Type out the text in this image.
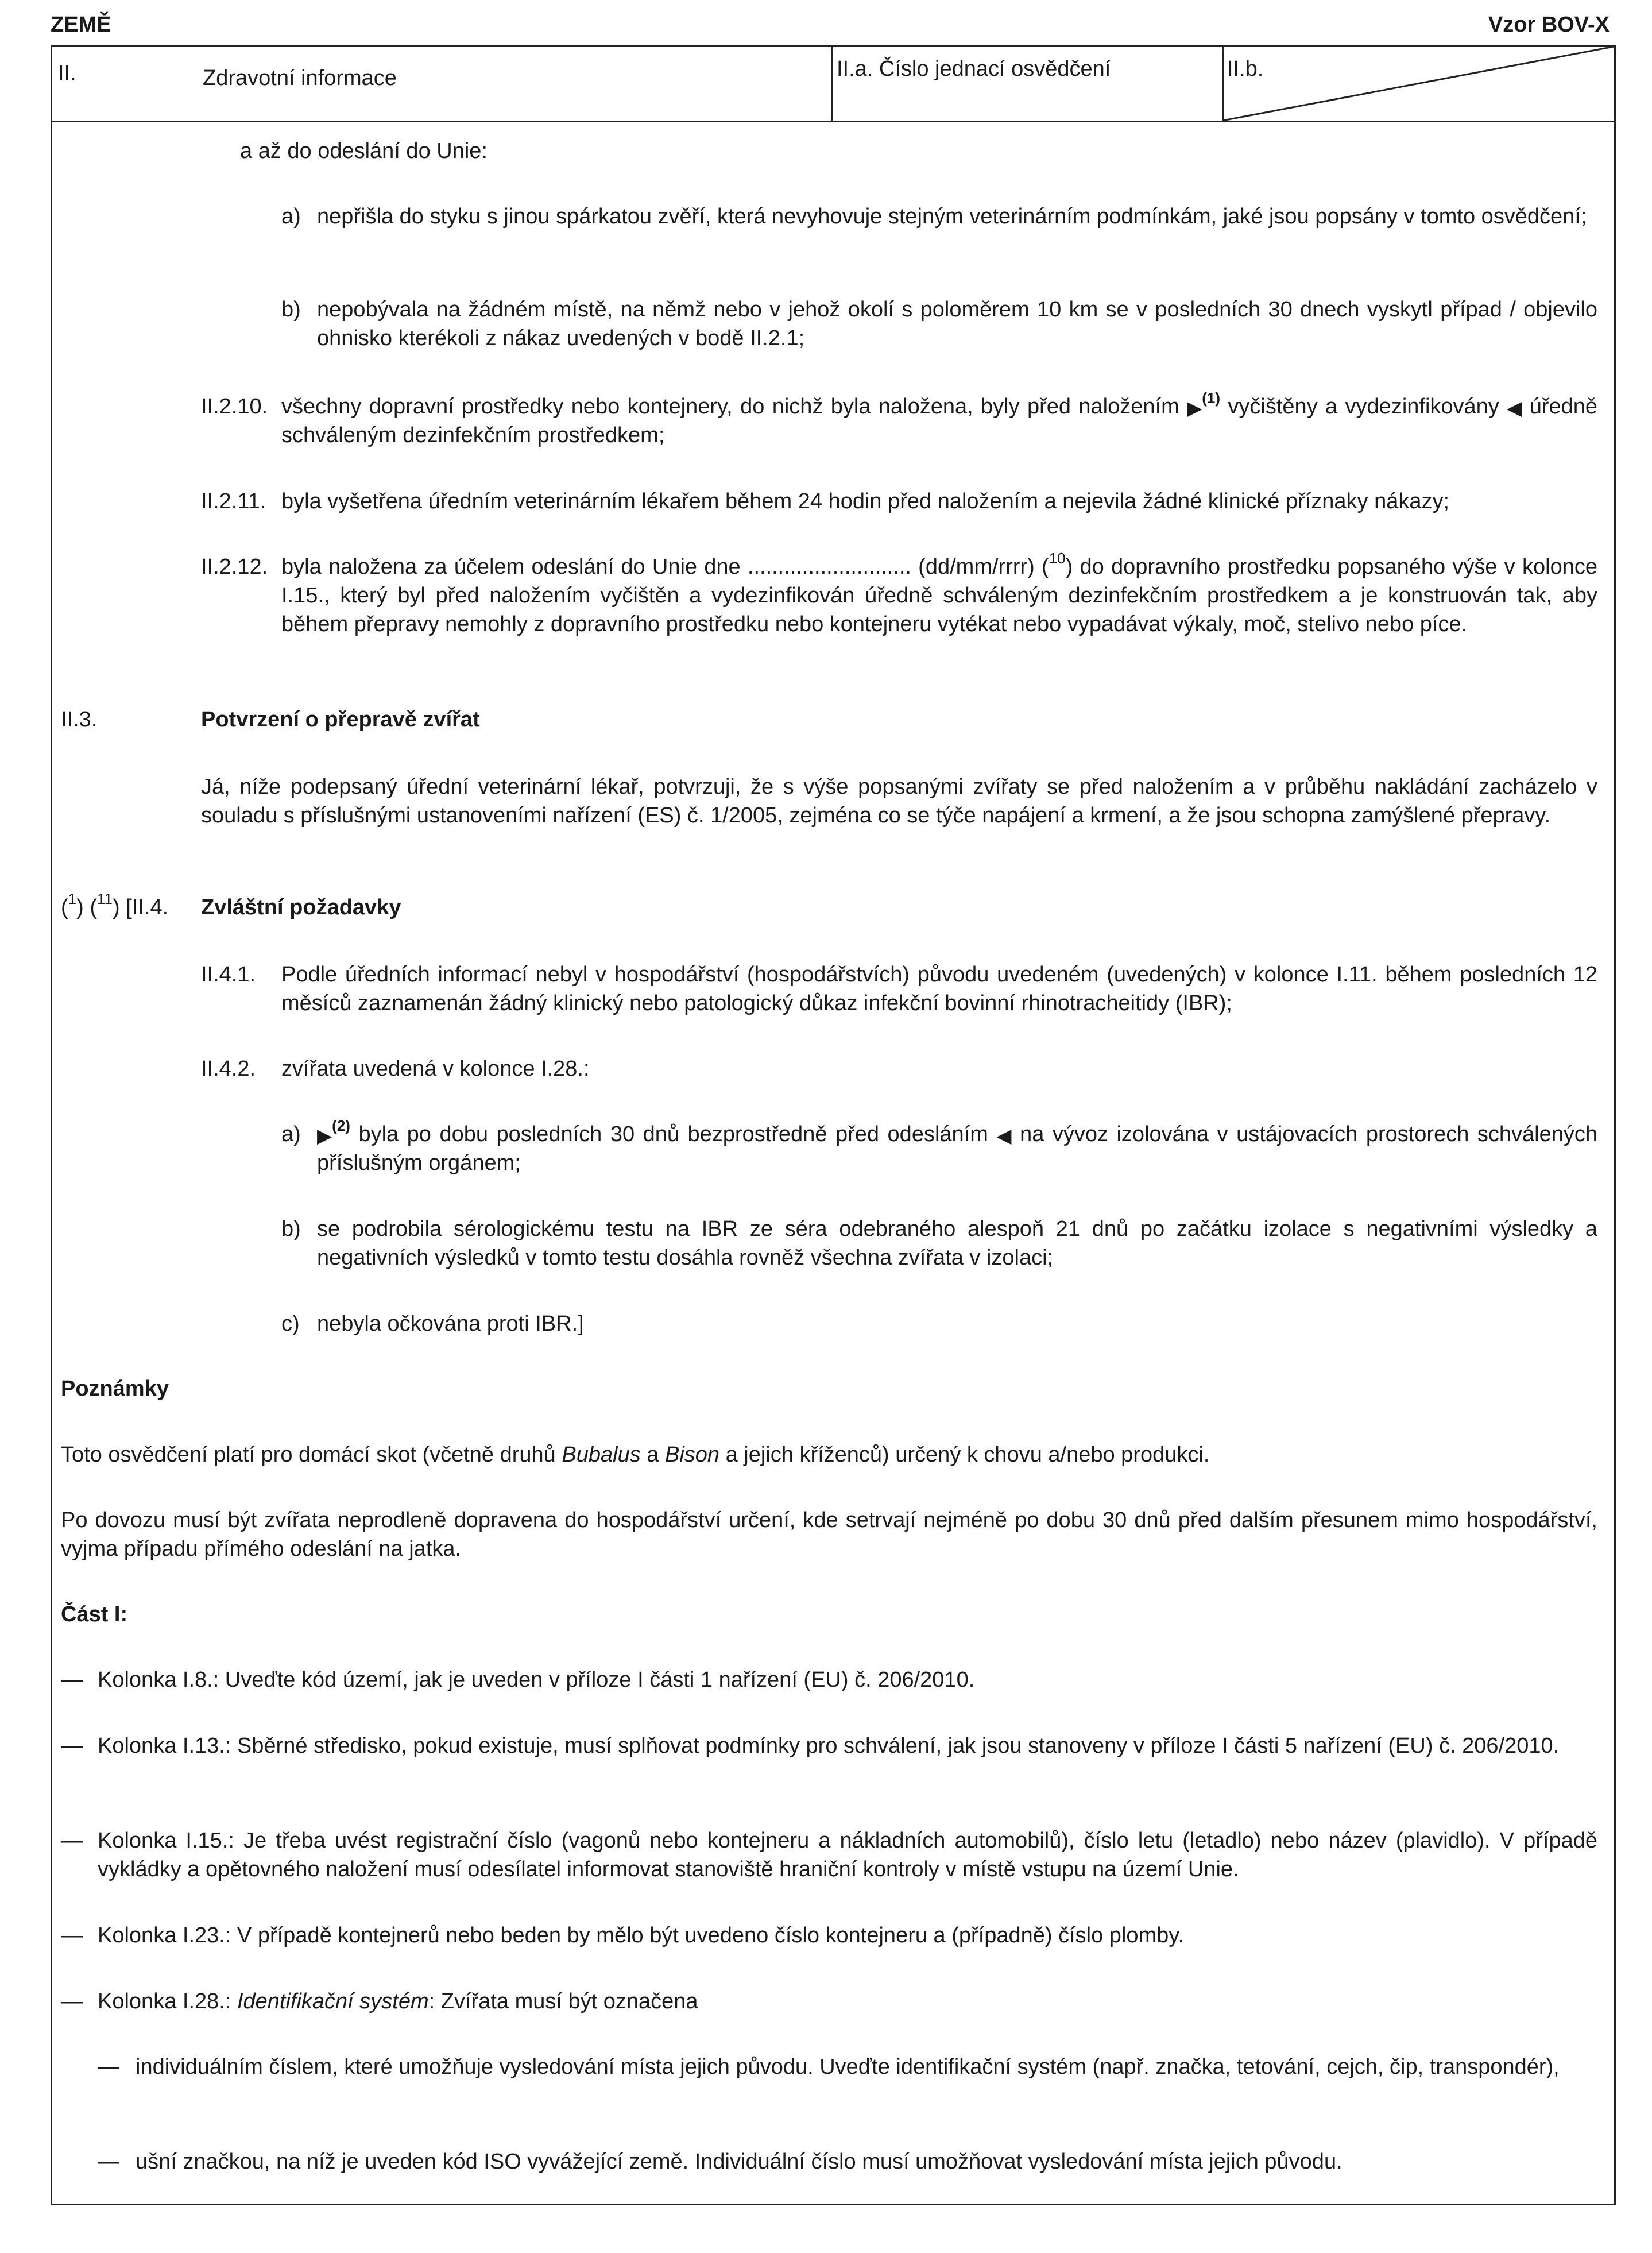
ZEMĚ	Vzor BOV-X
II.	Zdravotní informace	II.a. Číslo jednací osvědčení	II.b.
a až do odeslání do Unie:
a) nepřišla do styku s jinou spárkatou zvěří, která nevyhovuje stejným veterinárním podmínkám, jaké jsou popsány v tomto osvědčení;
b) nepobývala na žádném místě, na němž nebo v jehož okolí s poloměrem 10 km se v posledních 30 dnech vyskytl případ / objevilo ohnisko kterékoli z nákaz uvedených v bodě II.2.1;
II.2.10. všechny dopravní prostředky nebo kontejnery, do nichž byla naložena, byly před naložením ▶$^{(1)}$ vyčištěny a vydezinfikovány ◀ úředně schváleným dezinfekčním prostředkem;
II.2.11. byla vyšetřena úředním veterinárním lékařem během 24 hodin před naložením a nejevila žádné klinické příznaky nákazy;
II.2.12. byla naložena za účelem odeslání do Unie dne ........................... (dd/mm/rrrr) ($^{10}$) do dopravního prostředku popsaného výše v kolonce I.15., který byl před naložením vyčištěn a vydezinfikován úředně schváleným dezinfekčním prostředkem a je konstruován tak, aby během přepravy nemohly z dopravního prostředku nebo kontejneru vytékat nebo vypadávat výkaly, moč, stelivo nebo píce.
II.3.	Potvrzení o přepravě zvířat
Já, níže podepsaný úřední veterinární lékař, potvrzuji, že s výše popsanými zvířaty se před naložením a v průběhu nakládání zacházelo v souladu s příslušnými ustanoveními nařízení (ES) č. 1/2005, zejména co se týče napájení a krmení, a že jsou schopna zamýšlené přepravy.
($^1$) ($^{11}$) [II.4. Zvláštní požadavky
II.4.1. Podle úředních informací nebyl v hospodářství (hospodářstvích) původu uvedeném (uvedených) v kolonce I.11. během posledních 12 měsíců zaznamenán žádný klinický nebo patologický důkaz infekční bovinní rhinotracheitidy (IBR);
II.4.2. zvířata uvedená v kolonce I.28.:
a) ▶$^{(2)}$ byla po dobu posledních 30 dnů bezprostředně před odesláním ◀ na vývoz izolována v ustájovacích prostorech schválených příslušným orgánem;
b) se podrobila sérologickému testu na IBR ze séra odebraného alespoň 21 dnů po začátku izolace s negativními výsledky a negativních výsledků v tomto testu dosáhla rovněž všechna zvířata v izolaci;
c) nebyla očkována proti IBR.]
Poznámky
Toto osvědčení platí pro domácí skot (včetně druhů Bubalus a Bison a jejich kříženců) určený k chovu a/nebo produkci.
Po dovozu musí být zvířata neprodleně dopravena do hospodářství určení, kde setrvají nejméně po dobu 30 dnů před dalším přesunem mimo hospodářství, vyjma případu přímého odeslání na jatka.
Část I:
— Kolonka I.8.: Uveďte kód území, jak je uveden v příloze I části 1 nařízení (EU) č. 206/2010.
— Kolonka I.13.: Sběrné středisko, pokud existuje, musí splňovat podmínky pro schválení, jak jsou stanoveny v příloze I části 5 nařízení (EU) č. 206/2010.
— Kolonka I.15.: Je třeba uvést registrační číslo (vagonů nebo kontejneru a nákladních automobilů), číslo letu (letadlo) nebo název (plavidlo). V případě vykládky a opětovného naložení musí odesílatel informovat stanoviště hraniční kontroly v místě vstupu na území Unie.
— Kolonka I.23.: V případě kontejnerů nebo beden by mělo být uvedeno číslo kontejneru a (případně) číslo plomby.
— Kolonka I.28.: Identifikační systém: Zvířata musí být označena
— individuálním číslem, které umožňuje vysledování místa jejich původu. Uveďte identifikační systém (např. značka, tetování, cejch, čip, transpondér),
— ušní značkou, na níž je uveden kód ISO vyvážející země. Individuální číslo musí umožňovat vysledování místa jejich původu.
